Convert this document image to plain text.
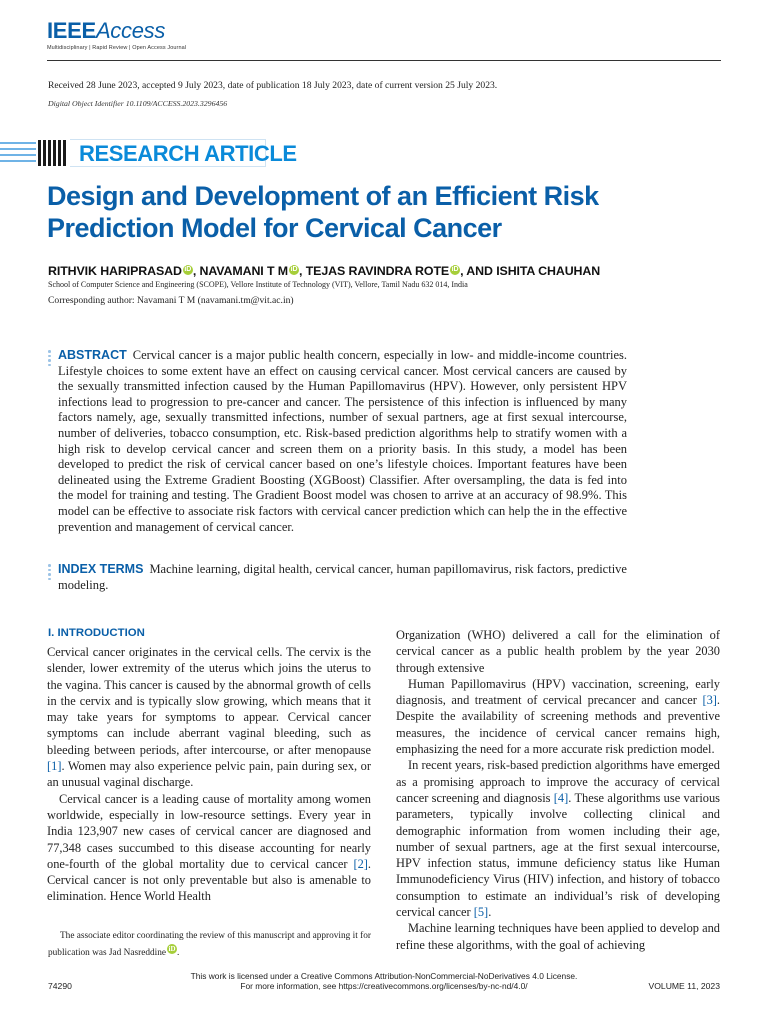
IEEEAccess
Multidisciplinary | Rapid Review | Open Access Journal
Received 28 June 2023, accepted 9 July 2023, date of publication 18 July 2023, date of current version 25 July 2023.
Digital Object Identifier 10.1109/ACCESS.2023.3296456
RESEARCH ARTICLE
Design and Development of an Efficient Risk Prediction Model for Cervical Cancer
RITHVIK HARIPRASAD iD , NAVAMANI T M iD , TEJAS RAVINDRA ROTE iD , AND ISHITA CHAUHAN
School of Computer Science and Engineering (SCOPE), Vellore Institute of Technology (VIT), Vellore, Tamil Nadu 632 014, India
Corresponding author: Navamani T M (navamani.tm@vit.ac.in)
ABSTRACT Cervical cancer is a major public health concern, especially in low- and middle-income countries. Lifestyle choices to some extent have an effect on causing cervical cancer. Most cervical cancers are caused by the sexually transmitted infection caused by the Human Papillomavirus (HPV). However, only persistent HPV infections lead to progression to pre-cancer and cancer. The persistence of this infection is influenced by many factors namely, age, sexually transmitted infections, number of sexual partners, age at first sexual intercourse, number of deliveries, tobacco consumption, etc. Risk-based prediction algorithms help to stratify women with a high risk to develop cervical cancer and screen them on a priority basis. In this study, a model has been developed to predict the risk of cervical cancer based on one’s lifestyle choices. Important features have been delineated using the Extreme Gradient Boosting (XGBoost) Classifier. After oversampling, the data is fed into the model for training and testing. The Gradient Boost model was chosen to arrive at an accuracy of 98.9%. This model can be effective to associate risk factors with cervical cancer prediction which can help the in the effective prevention and management of cervical cancer.
INDEX TERMS Machine learning, digital health, cervical cancer, human papillomavirus, risk factors, predictive modeling.
I. INTRODUCTION

Cervical cancer originates in the cervical cells. The cervix is the slender, lower extremity of the uterus which joins the uterus to the vagina. This cancer is caused by the abnormal growth of cells in the cervix and is typically slow growing, which means that it may take years for symptoms to appear. Cervical cancer symptoms can include aberrant vaginal bleeding, such as bleeding between periods, after intercourse, or after menopause [1]. Women may also experience pelvic pain, pain during sex, or an unusual vaginal discharge.

Cervical cancer is a leading cause of mortality among women worldwide, especially in low-resource settings. Every year in India 123,907 new cases of cervical cancer are diagnosed and 77,348 cases succumbed to this disease accounting for nearly one-fourth of the global mortality due to cervical cancer [2]. Cervical cancer is not only preventable but also is amenable to elimination. Hence World Health

The associate editor coordinating the review of this manuscript and approving it for publication was Jad Nasreddine iD .

Organization (WHO) delivered a call for the elimination of cervical cancer as a public health problem by the year 2030 through extensive

Human Papillomavirus (HPV) vaccination, screening, early diagnosis, and treatment of cervical precancer and cancer [3]. Despite the availability of screening methods and preventive measures, the incidence of cervical cancer remains high, emphasizing the need for a more accurate risk prediction model.

In recent years, risk-based prediction algorithms have emerged as a promising approach to improve the accuracy of cervical cancer screening and diagnosis [4]. These algorithms use various parameters, typically involve collecting clinical and demographic information from women including their age, number of sexual partners, age at the first sexual intercourse, HPV infection status, immune deficiency status like Human Immunodeficiency Virus (HIV) infection, and history of tobacco consumption to estimate an individual’s risk of developing cervical cancer [5].

Machine learning techniques have been applied to develop and refine these algorithms, with the goal of achieving

This work is licensed under a Creative Commons Attribution-NonCommercial-NoDerivatives 4.0 License.
For more information, see https://creativecommons.org/licenses/by-nc-nd/4.0/
74290	VOLUME 11, 2023
